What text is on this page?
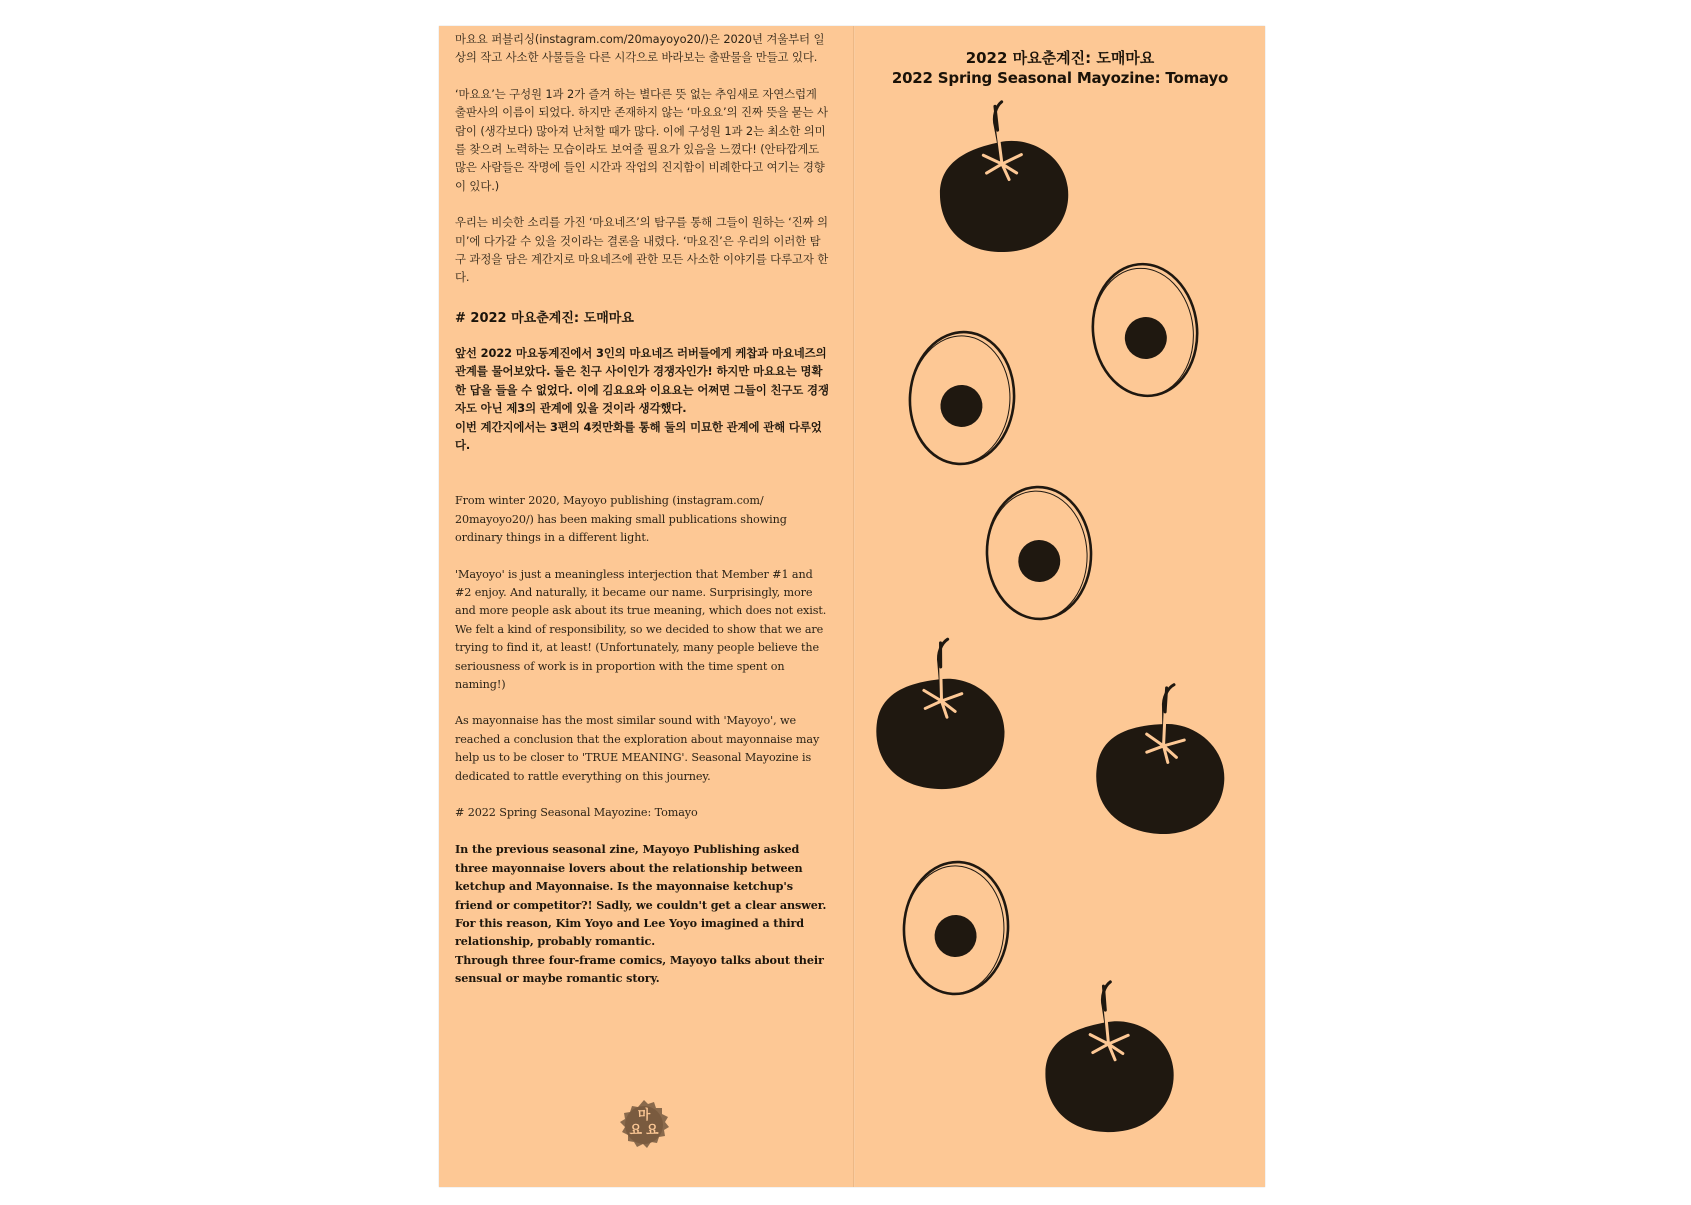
마요요 퍼블리싱(instagram.com/20mayoyo20/)은 2020년 겨울부터 일상의 작고 사소한 사물들을 다른 시각으로 바라보는 출판물을 만들고 있다.

‘마요요’는 구성원 1과 2가 즐겨 하는 별다른 뜻 없는 추임새로 자연스럽게 출판사의 이름이 되었다. 하지만 존재하지 않는 ‘마요요’의 진짜 뜻을 묻는 사람이 (생각보다) 많아져 난처할 때가 많다. 이에 구성원 1과 2는 최소한 의미를 찾으려 노력하는 모습이라도 보여줄 필요가 있음을 느꼈다! (안타깝게도 많은 사람들은 작명에 들인 시간과 작업의 진지함이 비례한다고 여기는 경향이 있다.)

우리는 비슷한 소리를 가진 ‘마요네즈’의 탐구를 통해 그들이 원하는 ‘진짜 의미’에 다가갈 수 있을 것이라는 결론을 내렸다. ‘마요진’은 우리의 이러한 탐구 과정을 담은 계간지로 마요네즈에 관한 모든 사소한 이야기를 다루고자 한다.

# 2022 마요춘계진: 도매마요

앞선 2022 마요동계진에서 3인의 마요네즈 러버들에게 케찹과 마요네즈의 관계를 물어보았다. 둘은 친구 사이인가 경쟁자인가! 하지만 마요요는 명확한 답을 들을 수 없었다. 이에 김요요와 이요요는 어쩌면 그들이 친구도 경쟁자도 아닌 제3의 관계에 있을 것이라 생각했다.

이번 계간지에서는 3편의 4컷만화를 통해 둘의 미묘한 관계에 관해 다루었다.

From winter 2020, Mayoyo publishing (instagram.com/ 20mayoyo20/) has been making small publications showing ordinary things in a different light.

'Mayoyo' is just a meaningless interjection that Member #1 and #2 enjoy. And naturally, it became our name. Surprisingly, more and more people ask about its true meaning, which does not exist. We felt a kind of responsibility, so we decided to show that we are trying to find it, at least! (Unfortunately, many people believe the seriousness of work is in proportion with the time spent on naming!)

As mayonnaise has the most similar sound with 'Mayoyo', we reached a conclusion that the exploration about mayonnaise may help us to be closer to 'TRUE MEANING'. Seasonal Mayozine is dedicated to rattle everything on this journey.

# 2022 Spring Seasonal Mayozine: Tomayo

In the previous seasonal zine, Mayoyo Publishing asked three mayonnaise lovers about the relationship between ketchup and Mayonnaise. Is the mayonnaise ketchup's friend or competitor?! Sadly, we couldn't get a clear answer.

For this reason, Kim Yoyo and Lee Yoyo imagined a third relationship, probably romantic.

Through three four-frame comics, Mayoyo talks about their sensual or maybe romantic story.

마
요요
2022 마요춘계진: 도매마요
2022 Spring Seasonal Mayozine: Tomayo
